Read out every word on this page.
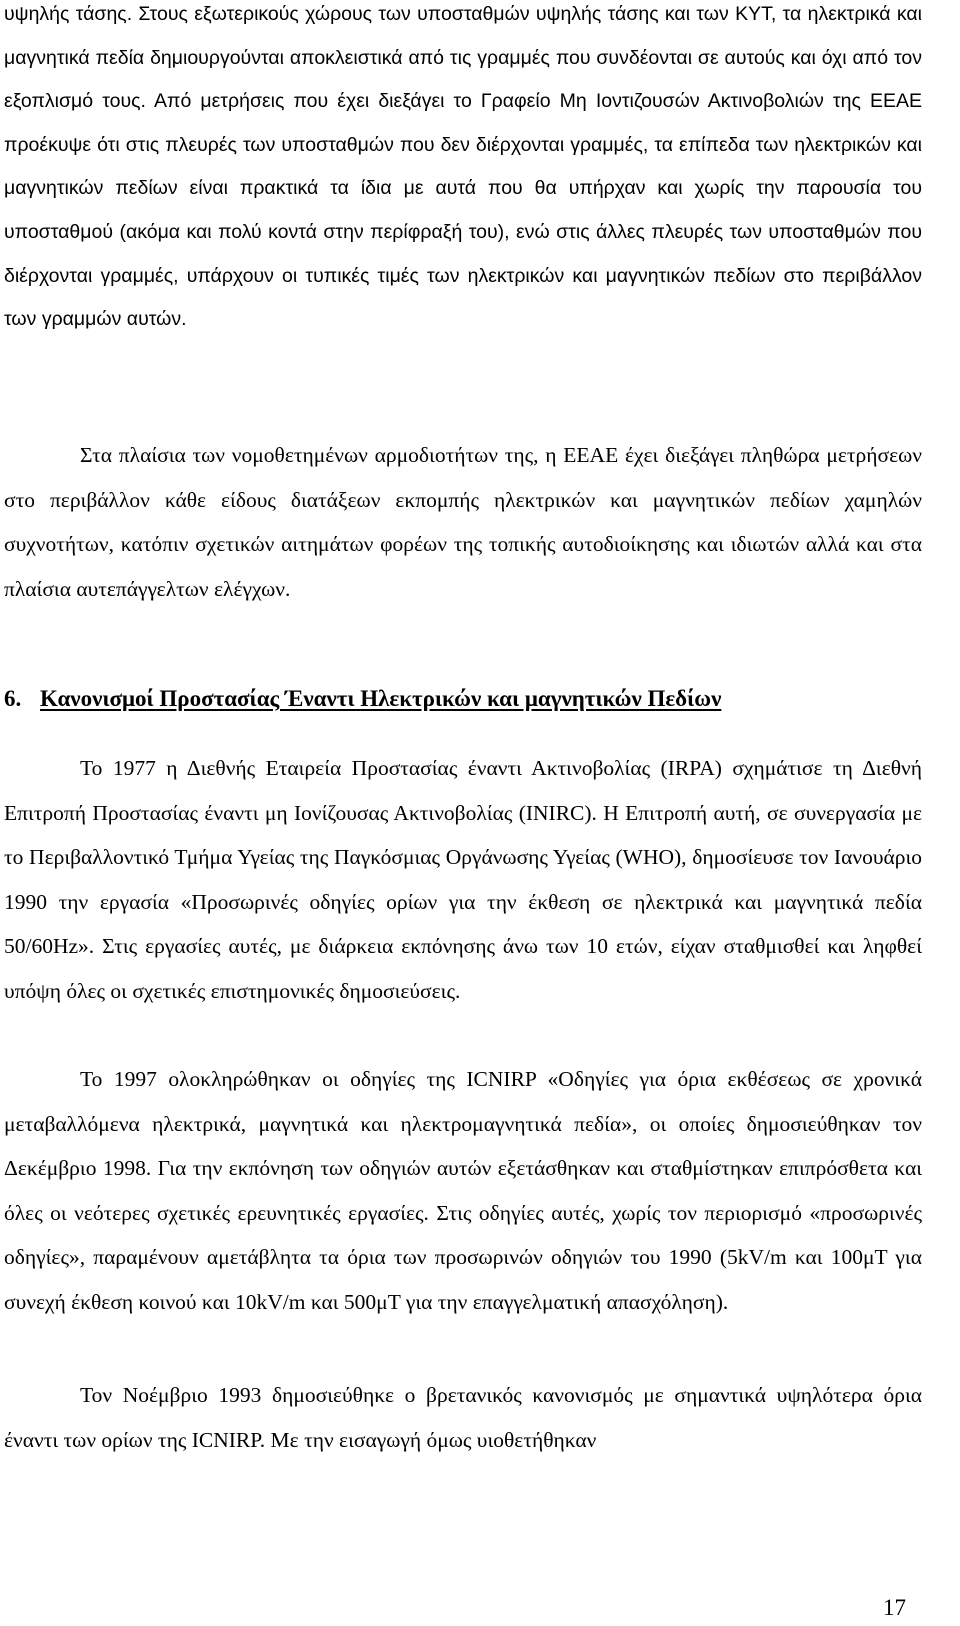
υψηλής τάσης. Στους εξωτερικούς χώρους των υποσταθμών υψηλής τάσης και των ΚΥΤ, τα ηλεκτρικά και μαγνητικά πεδία δημιουργούνται αποκλειστικά από τις γραμμές που συνδέονται σε αυτούς και όχι από τον εξοπλισμό τους. Από μετρήσεις που έχει διεξάγει το Γραφείο Μη Ιοντιζουσών Ακτινοβολιών της ΕΕΑΕ προέκυψε ότι στις πλευρές των υποσταθμών που δεν διέρχονται γραμμές, τα επίπεδα των ηλεκτρικών και μαγνητικών πεδίων είναι πρακτικά τα ίδια με αυτά που θα υπήρχαν και χωρίς την παρουσία του υποσταθμού (ακόμα και πολύ κοντά στην περίφραξή του), ενώ στις άλλες πλευρές των υποσταθμών που διέρχονται γραμμές, υπάρχουν οι τυπικές τιμές των ηλεκτρικών και μαγνητικών πεδίων στο περιβάλλον των γραμμών αυτών.

Στα πλαίσια των νομοθετημένων αρμοδιοτήτων της, η ΕΕΑΕ έχει διεξάγει πληθώρα μετρήσεων στο περιβάλλον κάθε είδους διατάξεων εκπομπής ηλεκτρικών και μαγνητικών πεδίων χαμηλών συχνοτήτων, κατόπιν σχετικών αιτημάτων φορέων της τοπικής αυτοδιοίκησης και ιδιωτών αλλά και στα πλαίσια αυτεπάγγελτων ελέγχων.

6. Κανονισμοί Προστασίας Έναντι Ηλεκτρικών και μαγνητικών Πεδίων

Το 1977 η Διεθνής Εταιρεία Προστασίας έναντι Ακτινοβολίας (IRPA) σχημάτισε τη Διεθνή Επιτροπή Προστασίας έναντι μη Ιονίζουσας Ακτινοβολίας (INIRC). Η Επιτροπή αυτή, σε συνεργασία με το Περιβαλλοντικό Τμήμα Υγείας της Παγκόσμιας Οργάνωσης Υγείας (WHO), δημοσίευσε τον Ιανουάριο 1990 την εργασία «Προσωρινές οδηγίες ορίων για την έκθεση σε ηλεκτρικά και μαγνητικά πεδία 50/60Hz». Στις εργασίες αυτές, με διάρκεια εκπόνησης άνω των 10 ετών, είχαν σταθμισθεί και ληφθεί υπόψη όλες οι σχετικές επιστημονικές δημοσιεύσεις.

Το 1997 ολοκληρώθηκαν οι οδηγίες της ICNIRP «Οδηγίες για όρια εκθέσεως σε χρονικά μεταβαλλόμενα ηλεκτρικά, μαγνητικά και ηλεκτρομαγνητικά πεδία», οι οποίες δημοσιεύθηκαν τον Δεκέμβριο 1998. Για την εκπόνηση των οδηγιών αυτών εξετάσθηκαν και σταθμίστηκαν επιπρόσθετα και όλες οι νεότερες σχετικές ερευνητικές εργασίες. Στις οδηγίες αυτές, χωρίς τον περιορισμό «προσωρινές οδηγίες», παραμένουν αμετάβλητα τα όρια των προσωρινών οδηγιών του 1990 (5kV/m και 100μΤ για συνεχή έκθεση κοινού και 10kV/m και 500μΤ για την επαγγελματική απασχόληση).

Τον Νοέμβριο 1993 δημοσιεύθηκε ο βρετανικός κανονισμός με σημαντικά υψηλότερα όρια έναντι των ορίων της ICNIRP. Με την εισαγωγή όμως υιοθετήθηκαν

17
